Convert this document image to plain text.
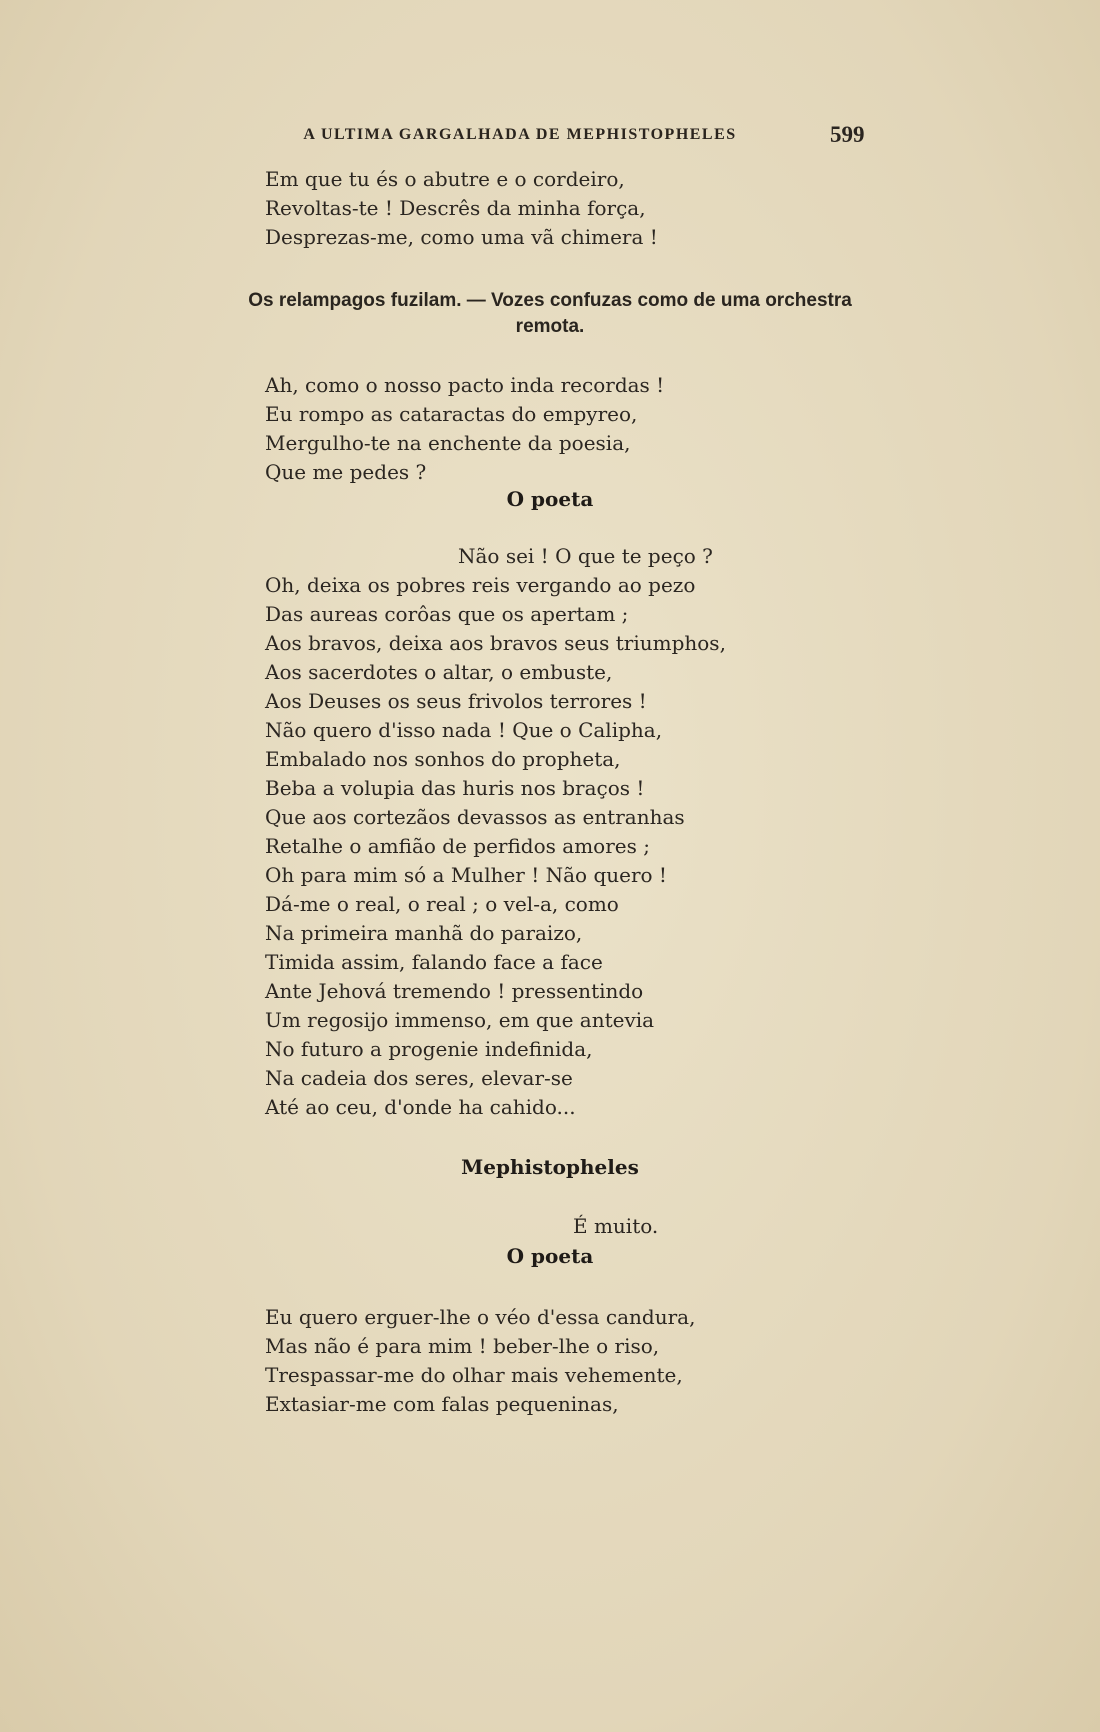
A ULTIMA GARGALHADA DE MEPHISTOPHELES	599
Em que tu és o abutre e o cordeiro,
Revoltas-te ! Descrês da minha força,
Desprezas-me, como uma vã chimera !
Os relampagos fuzilam. — Vozes confuzas como de uma orchestra
remota.
Ah, como o nosso pacto inda recordas !
Eu rompo as cataractas do empyreo,
Mergulho-te na enchente da poesia,
Que me pedes ?
O poeta
Não sei ! O que te peço ?
Oh, deixa os pobres reis vergando ao pezo
Das aureas corôas que os apertam ;
Aos bravos, deixa aos bravos seus triumphos,
Aos sacerdotes o altar, o embuste,
Aos Deuses os seus frivolos terrores !
Não quero d'isso nada ! Que o Calipha,
Embalado nos sonhos do propheta,
Beba a volupia das huris nos braços !
Que aos cortezãos devassos as entranhas
Retalhe o amfião de perfidos amores ;
Oh para mim só a Mulher ! Não quero !
Dá-me o real, o real ; o vel-a, como
Na primeira manhã do paraizo,
Timida assim, falando face a face
Ante Jehová tremendo ! pressentindo
Um regosijo immenso, em que antevia
No futuro a progenie indefinida,
Na cadeia dos seres, elevar-se
Até ao ceu, d'onde ha cahido...
Mephistopheles
É muito.
O poeta
Eu quero erguer-lhe o véo d'essa candura,
Mas não é para mim ! beber-lhe o riso,
Trespassar-me do olhar mais vehemente,
Extasiar-me com falas pequeninas,
